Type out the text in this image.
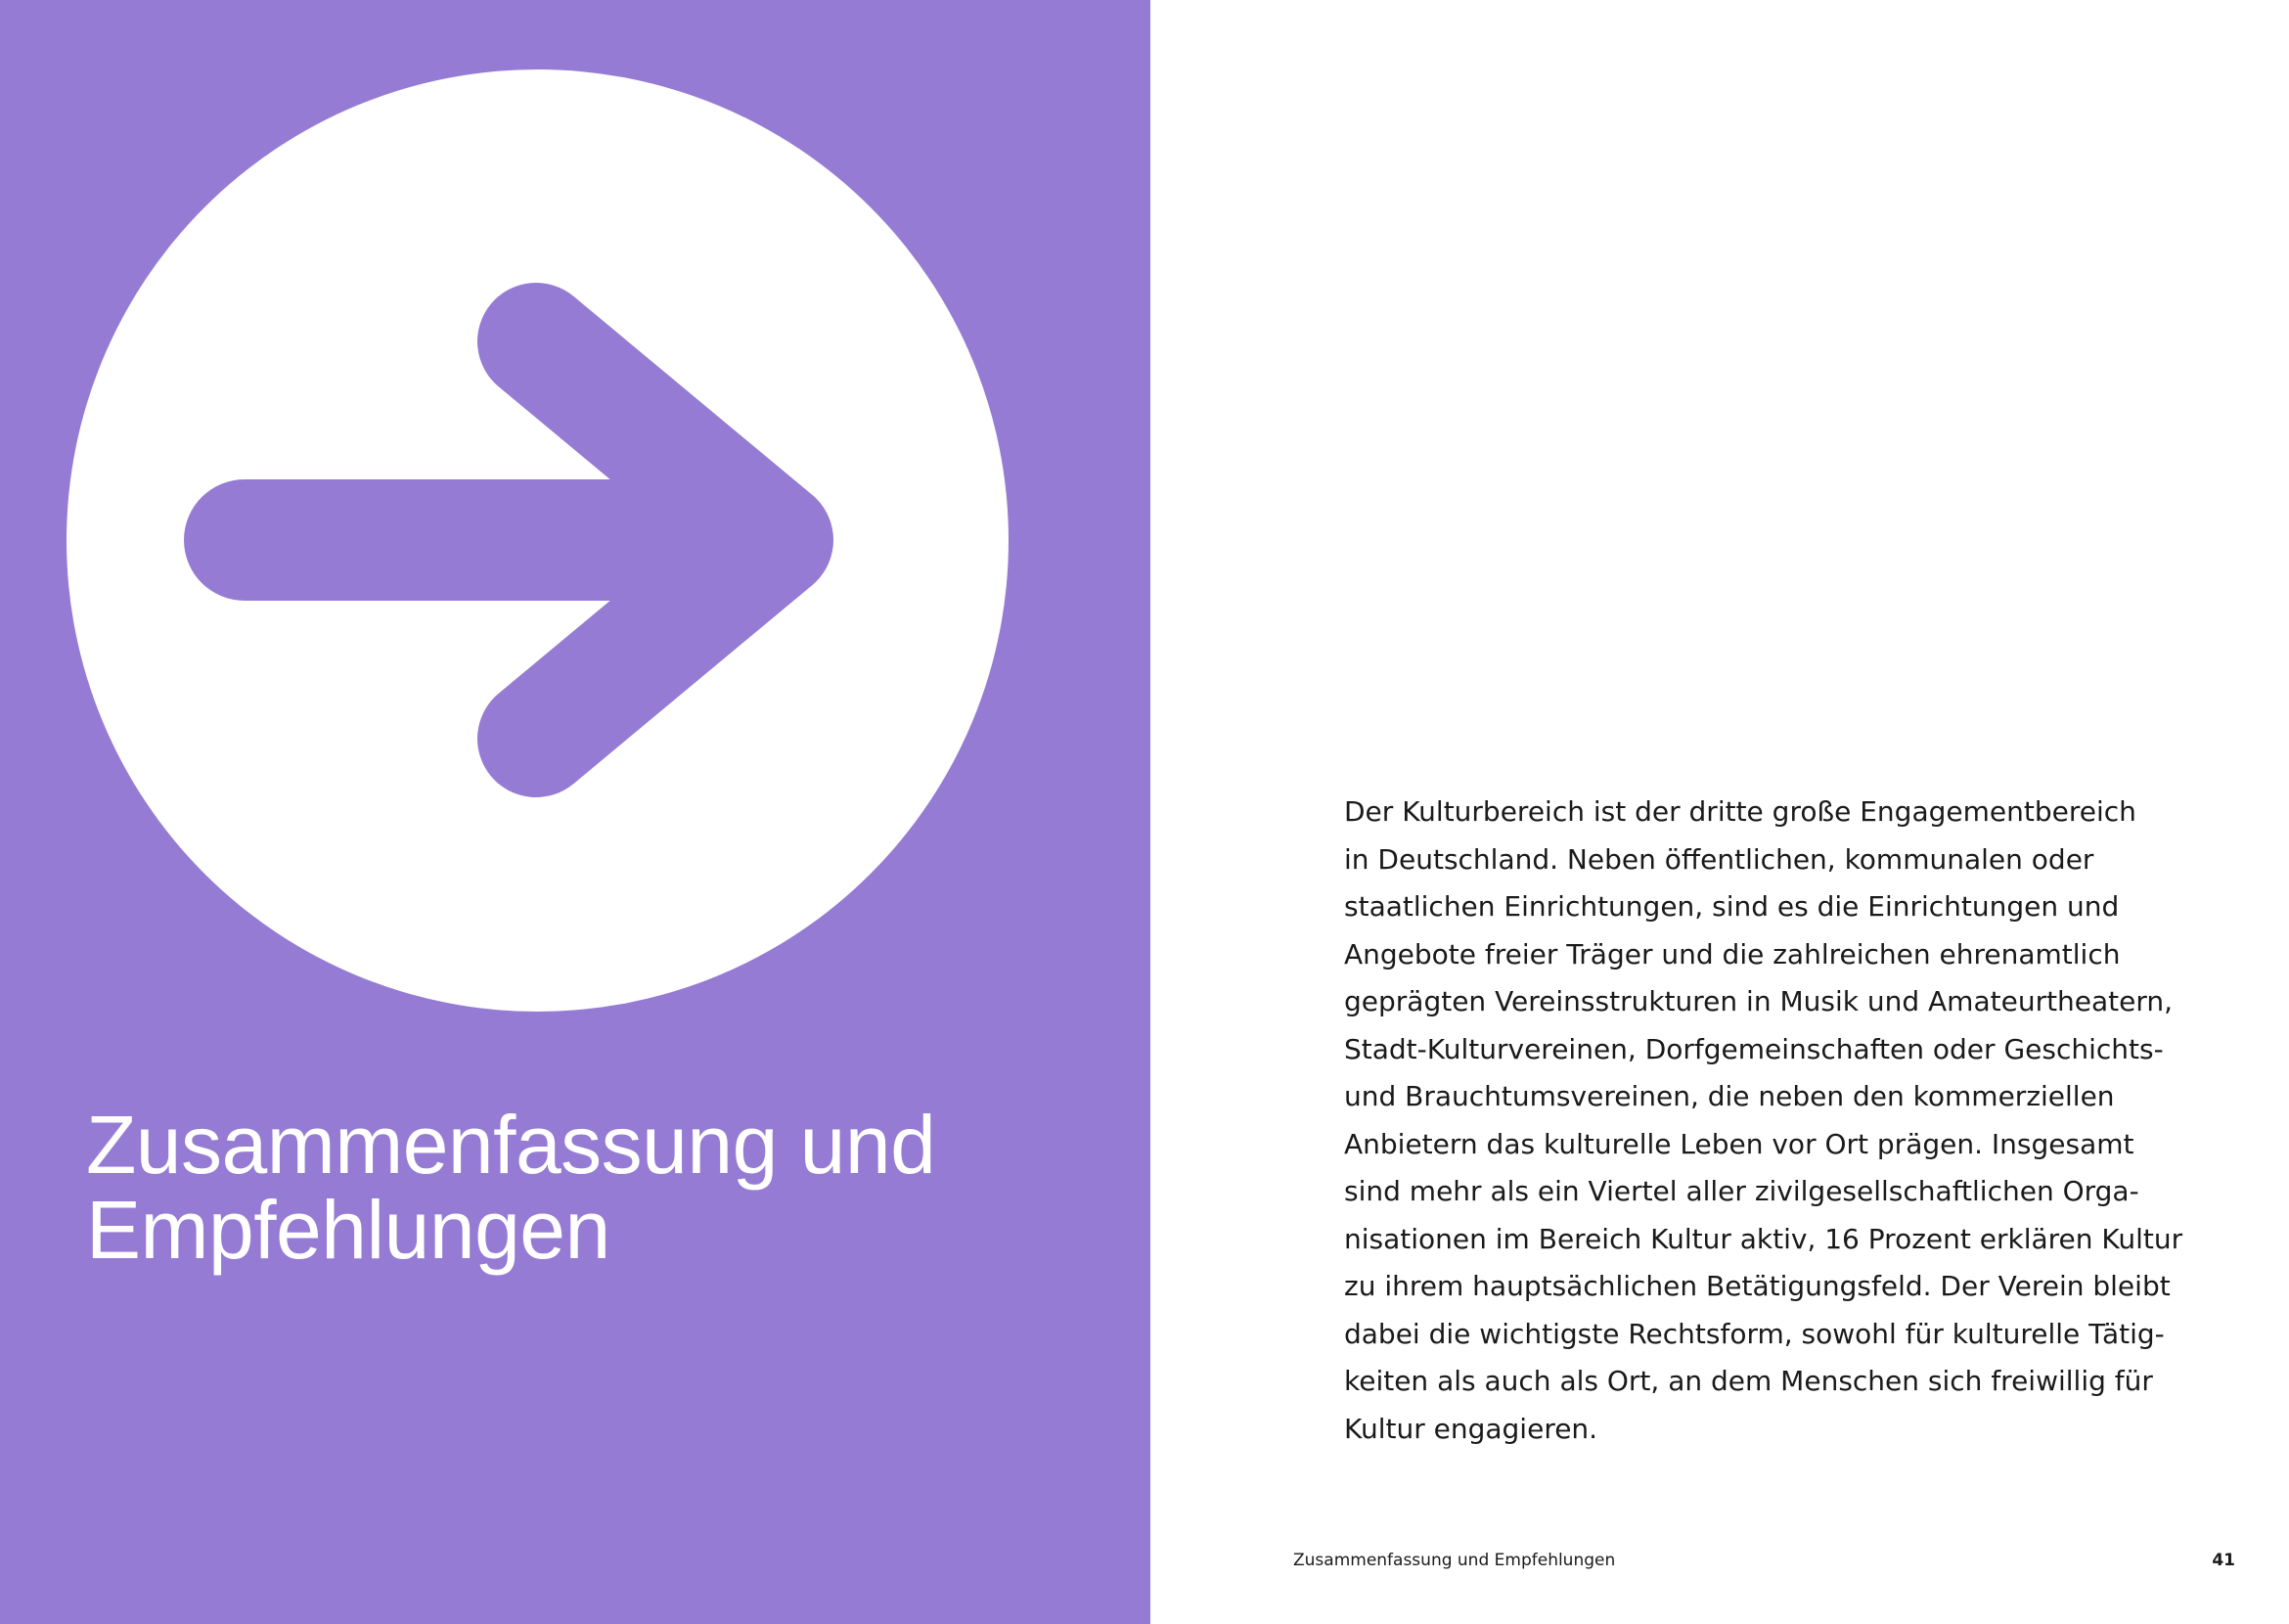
Zusammenfassung und
Empfehlungen

Der Kulturbereich ist der dritte große Engagementbereich
in Deutschland. Neben öffentlichen, kommunalen oder
staatlichen Einrichtungen, sind es die Einrichtungen und
Angebote freier Träger und die zahlreichen ehrenamtlich
geprägten Vereinsstrukturen in Musik und Amateurtheatern,
Stadt-Kulturvereinen, Dorfgemeinschaften oder Geschichts-
und Brauchtumsvereinen, die neben den kommerziellen
Anbietern das kulturelle Leben vor Ort prägen. Insgesamt
sind mehr als ein Viertel aller zivilgesellschaftlichen Orga-
nisationen im Bereich Kultur aktiv, 16 Prozent erklären Kultur
zu ihrem hauptsächlichen Betätigungsfeld. Der Verein bleibt
dabei die wichtigste Rechtsform, sowohl für kulturelle Tätig-
keiten als auch als Ort, an dem Menschen sich freiwillig für
Kultur engagieren.

Zusammenfassung und Empfehlungen	41
